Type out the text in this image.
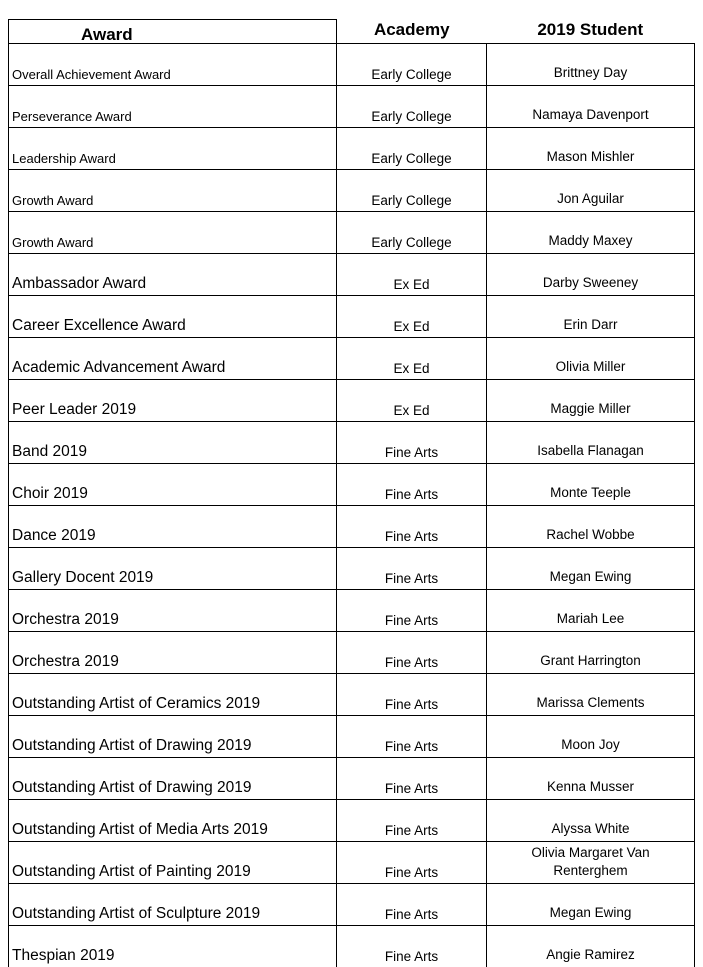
Award	Academy	2019 Student
Overall Achievement Award	Early College	Brittney Day
Perseverance Award	Early College	Namaya Davenport
Leadership Award	Early College	Mason Mishler
Growth Award	Early College	Jon Aguilar
Growth Award	Early College	Maddy Maxey
Ambassador Award	Ex Ed	Darby Sweeney
Career Excellence Award	Ex Ed	Erin Darr
Academic Advancement Award	Ex Ed	Olivia Miller
Peer Leader 2019	Ex Ed	Maggie Miller
Band 2019	Fine Arts	Isabella Flanagan
Choir 2019	Fine Arts	Monte Teeple
Dance 2019	Fine Arts	Rachel Wobbe
Gallery Docent 2019	Fine Arts	Megan Ewing
Orchestra 2019	Fine Arts	Mariah Lee
Orchestra 2019	Fine Arts	Grant Harrington
Outstanding Artist of Ceramics 2019	Fine Arts	Marissa Clements
Outstanding Artist of Drawing 2019	Fine Arts	Moon Joy
Outstanding Artist of Drawing 2019	Fine Arts	Kenna Musser
Outstanding Artist of Media Arts 2019	Fine Arts	Alyssa White
Outstanding Artist of Painting 2019	Fine Arts	Olivia Margaret Van Renterghem
Outstanding Artist of Sculpture 2019	Fine Arts	Megan Ewing
Thespian 2019	Fine Arts	Angie Ramirez
